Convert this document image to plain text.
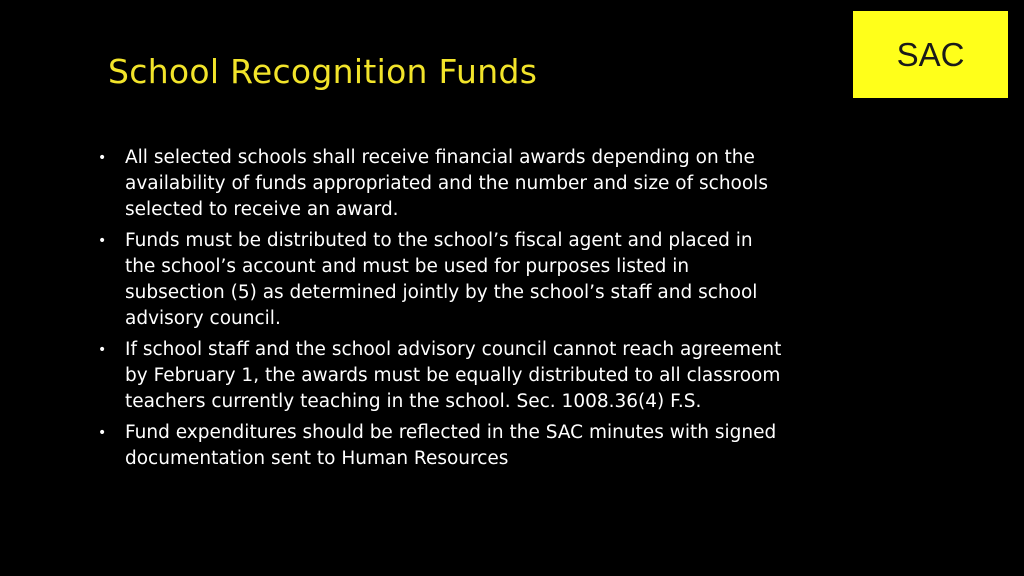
School Recognition Funds	SAC
• All selected schools shall receive financial awards depending on the availability of funds appropriated and the number and size of schools selected to receive an award.
• Funds must be distributed to the school’s fiscal agent and placed in the school’s account and must be used for purposes listed in subsection (5) as determined jointly by the school’s staff and school advisory council.
• If school staff and the school advisory council cannot reach agreement by February 1, the awards must be equally distributed to all classroom teachers currently teaching in the school. Sec. 1008.36(4) F.S.
• Fund expenditures should be reflected in the SAC minutes with signed documentation sent to Human Resources
